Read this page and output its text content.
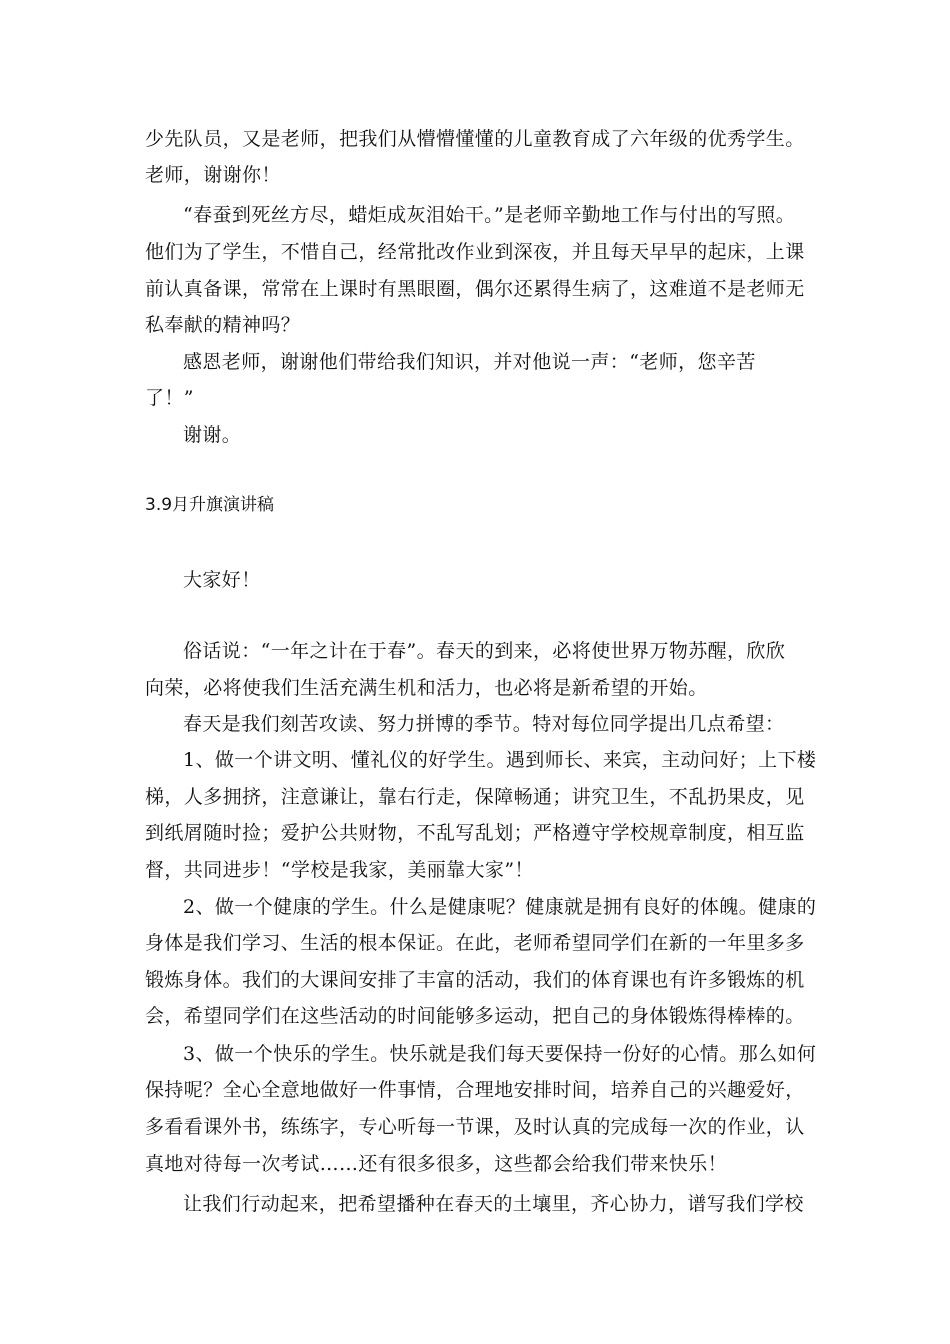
少先队员，又是老师，把我们从懵懵懂懂的儿童教育成了六年级的优秀学生。
老师，谢谢你！
“春蚕到死丝方尽，蜡炬成灰泪始干。”是老师辛勤地工作与付出的写照。
他们为了学生，不惜自己，经常批改作业到深夜，并且每天早早的起床，上课
前认真备课，常常在上课时有黑眼圈，偶尔还累得生病了，这难道不是老师无
私奉献的精神吗？
感恩老师，谢谢他们带给我们知识，并对他说一声：“老师，您辛苦
了！”
谢谢。
3.9月升旗演讲稿
大家好！
俗话说：“一年之计在于春”。春天的到来，必将使世界万物苏醒，欣欣
向荣，必将使我们生活充满生机和活力，也必将是新希望的开始。
春天是我们刻苦攻读、努力拼博的季节。特对每位同学提出几点希望：
1、做一个讲文明、懂礼仪的好学生。遇到师长、来宾，主动问好；上下楼
梯，人多拥挤，注意谦让，靠右行走，保障畅通；讲究卫生，不乱扔果皮，见
到纸屑随时捡；爱护公共财物，不乱写乱划；严格遵守学校规章制度，相互监
督，共同进步！“学校是我家，美丽靠大家”！
2、做一个健康的学生。什么是健康呢？健康就是拥有良好的体魄。健康的
身体是我们学习、生活的根本保证。在此，老师希望同学们在新的一年里多多
锻炼身体。我们的大课间安排了丰富的活动，我们的体育课也有许多锻炼的机
会，希望同学们在这些活动的时间能够多运动，把自己的身体锻炼得棒棒的。
3、做一个快乐的学生。快乐就是我们每天要保持一份好的心情。那么如何
保持呢？全心全意地做好一件事情，合理地安排时间，培养自己的兴趣爱好，
多看看课外书，练练字，专心听每一节课，及时认真的完成每一次的作业，认
真地对待每一次考试……还有很多很多，这些都会给我们带来快乐！
让我们行动起来，把希望播种在春天的土壤里，齐心协力，谱写我们学校
